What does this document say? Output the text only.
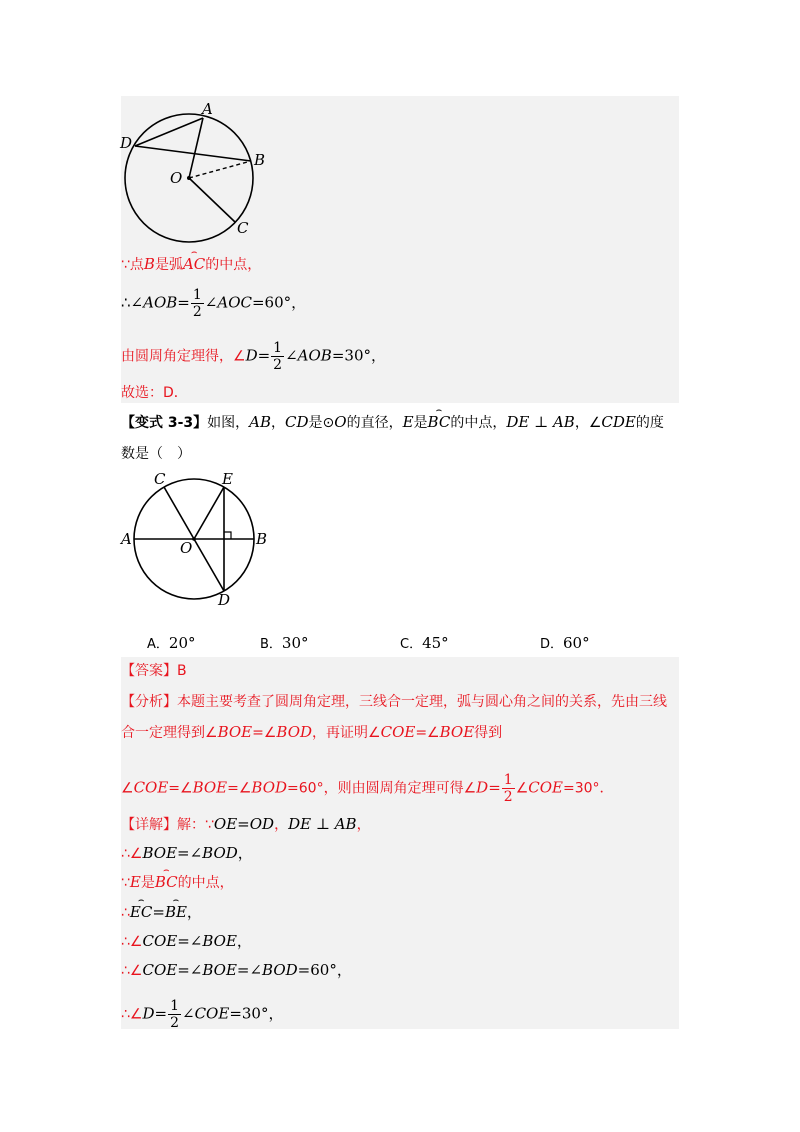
A
D
B
O
C
∵点B是弧⌢ AC的中点，
∴∠AOB= $\frac{1}{2}$ ∠AOC=60°，
由圆周角定理得，∠D= $\frac{1}{2}$ ∠AOB=30°，
故选：D．
【变式 3-3】如图，AB，CD是⊙O的直径，E是⌢ BC的中点，DE ⊥ AB，∠CDE的度
数是（　）
C	E
A	B
O
D
A．20°	B．30°	C．45°	D．60°
【答案】B
【分析】本题主要考查了圆周角定理，三线合一定理，弧与圆心角之间的关系，先由三线
合一定理得到∠BOE=∠BOD，再证明∠COE=∠BOE得到
∠COE=∠BOE=∠BOD=60°，则由圆周角定理可得∠D= $\frac{1}{2}$ ∠COE=30°．
【详解】解：∵OE=OD，DE ⊥ AB，
∴∠BOE=∠BOD，
∵E是⌢ BC的中点，
∴⌢ EC=⌢ BE，
∴∠COE=∠BOE，
∴∠COE=∠BOE=∠BOD=60°，
∴∠D= $\frac{1}{2}$ ∠COE=30°，
